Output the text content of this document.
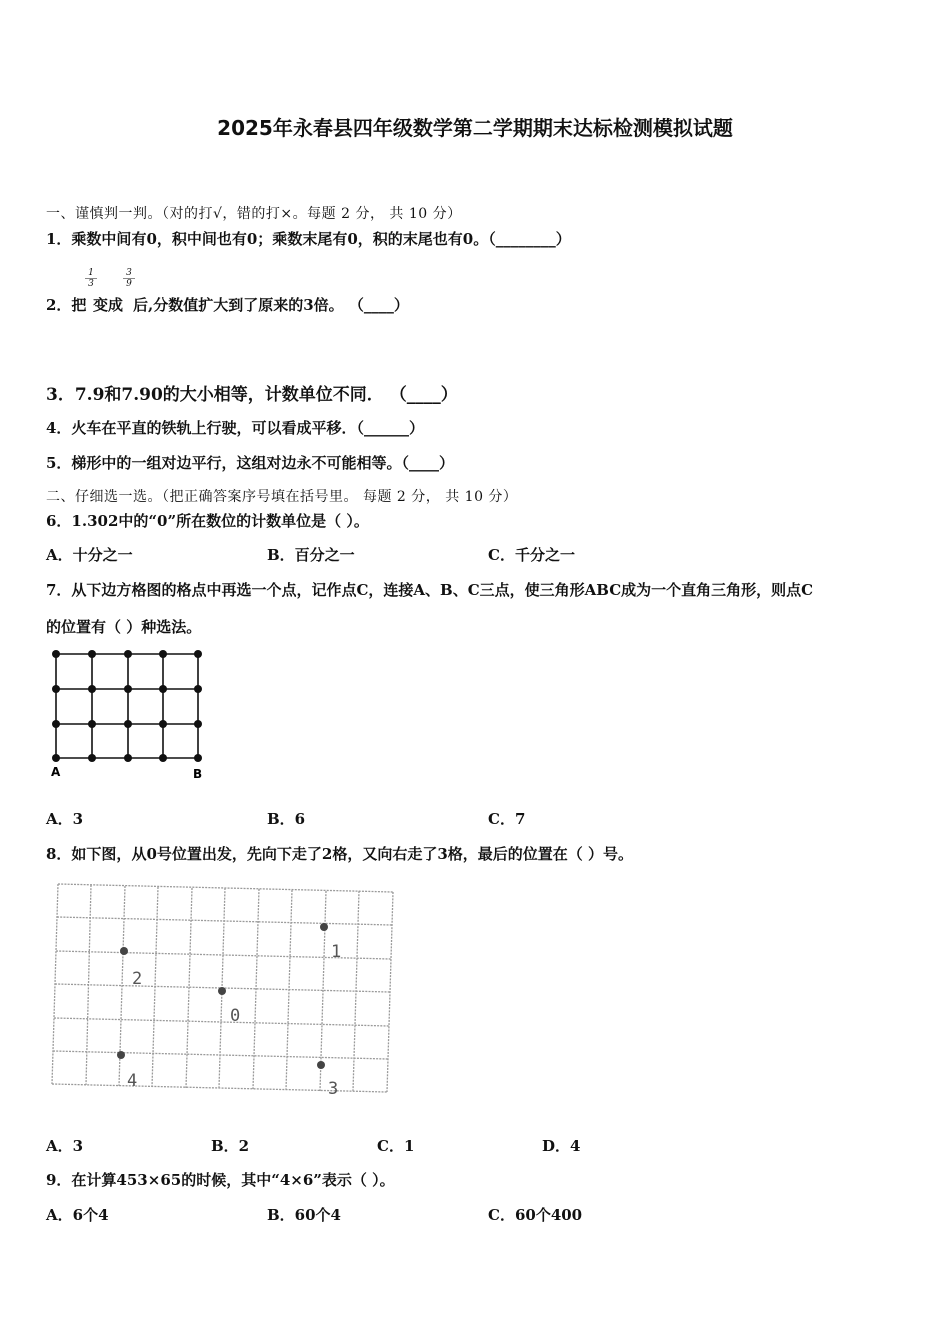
2025年永春县四年级数学第二学期期末达标检测模拟试题
一、谨慎判一判。（对的打√，错的打×。每题 2 分， 共 10 分）
1．乘数中间有0，积中间也有0；乘数末尾有0，积的末尾也有0。（________）
2．把
$\frac{1}{3}$
变成
$\frac{3}{9}$
后,分数值扩大到了原来的3倍。 （____）
3．7.9和7.90的大小相等，计数单位不同． （____）
4．火车在平直的铁轨上行驶，可以看成平移．（______）
5．梯形中的一组对边平行，这组对边永不可能相等。（____）
二、仔细选一选。（把正确答案序号填在括号里。 每题 2 分， 共 10 分）
6．1.302中的“0”所在数位的计数单位是（ ）。
A．十分之一	B．百分之一	C．千分之一
7．从下边方格图的格点中再选一个点，记作点C，连接A、B、C三点，使三角形ABC成为一个直角三角形，则点C
的位置有（ ）种选法。
A	B
A．3	B．6	C．7
8．如下图，从0号位置出发，先向下走了2格，又向右走了3格，最后的位置在（ ）号。
0
1
2
3
4
A．3	B．2	C．1	D．4
9．在计算453×65的时候，其中“4×6”表示（ ）。
A．6个4	B．60个4	C．60个400
